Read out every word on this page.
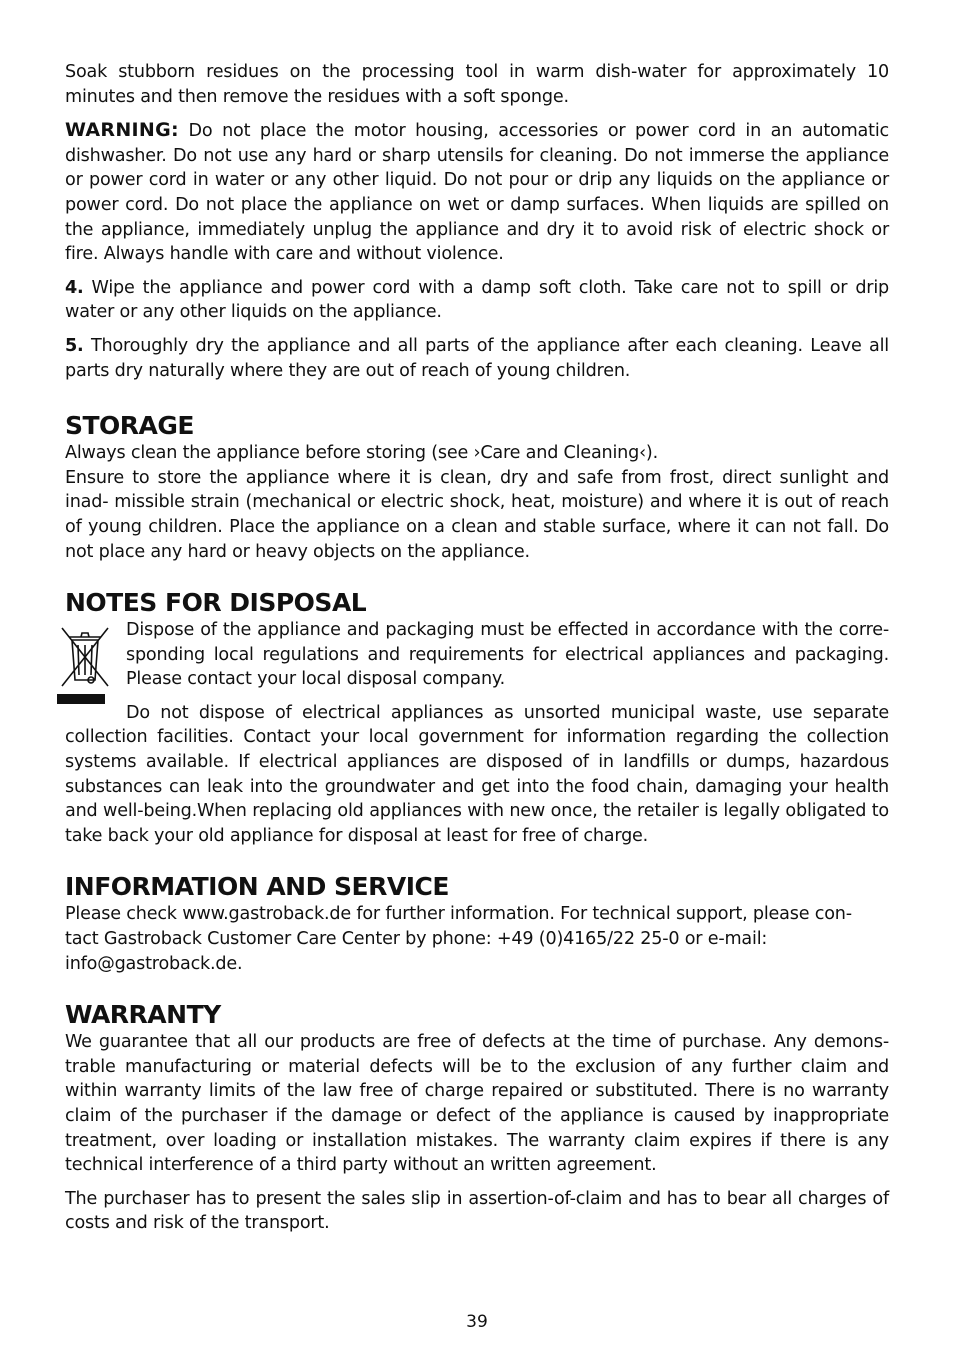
Soak stubborn residues on the processing tool in warm dish-water for approximately 10 minutes and then remove the residues with a soft sponge.

WARNING: Do not place the motor housing, accessories or power cord in an automatic dishwasher. Do not use any hard or sharp utensils for cleaning. Do not immerse the appliance or power cord in water or any other liquid. Do not pour or drip any liquids on the appliance or power cord. Do not place the appliance on wet or damp surfaces. When liquids are spilled on the appliance, immediately unplug the appliance and dry it to avoid risk of electric shock or fire. Always handle with care and without violence.

4. Wipe the appliance and power cord with a damp soft cloth. Take care not to spill or drip water or any other liquids on the appliance.

5. Thoroughly dry the appliance and all parts of the appliance after each cleaning. Leave all parts dry naturally where they are out of reach of young children.

STORAGE

Always clean the appliance before storing (see ›Care and Cleaning‹).

Ensure to store the appliance where it is clean, dry and safe from frost, direct sunlight and inad- missible strain (mechanical or electric shock, heat, moisture) and where it is out of reach of young children. Place the appliance on a clean and stable surface, where it can not fall. Do not place any hard or heavy objects on the appliance.

NOTES FOR DISPOSAL

Dispose of the appliance and packaging must be effected in accordance with the corre- sponding local regulations and requirements for electrical appliances and packaging. Please contact your local disposal company.

Do not dispose of electrical appliances as unsorted municipal waste, use separate collection facilities. Contact your local government for information regarding the collection systems available. If electrical appliances are disposed of in landfills or dumps, hazardous substances can leak into the groundwater and get into the food chain, damaging your health and well-being.When replacing old appliances with new once, the retailer is legally obligated to take back your old appliance for disposal at least for free of charge.

INFORMATION AND SERVICE

Please check www.gastroback.de for further information. For technical support, please con- tact Gastroback Customer Care Center by phone: +49 (0)4165/22 25-0 or e-mail: info@gastroback.de.

WARRANTY

We guarantee that all our products are free of defects at the time of purchase. Any demons- trable manufacturing or material defects will be to the exclusion of any further claim and within warranty limits of the law free of charge repaired or substituted. There is no warranty claim of the purchaser if the damage or defect of the appliance is caused by inappropriate treatment, over loading or installation mistakes. The warranty claim expires if there is any technical interference of a third party without an written agreement.

The purchaser has to present the sales slip in assertion-of-claim and has to bear all charges of costs and risk of the transport.

39
